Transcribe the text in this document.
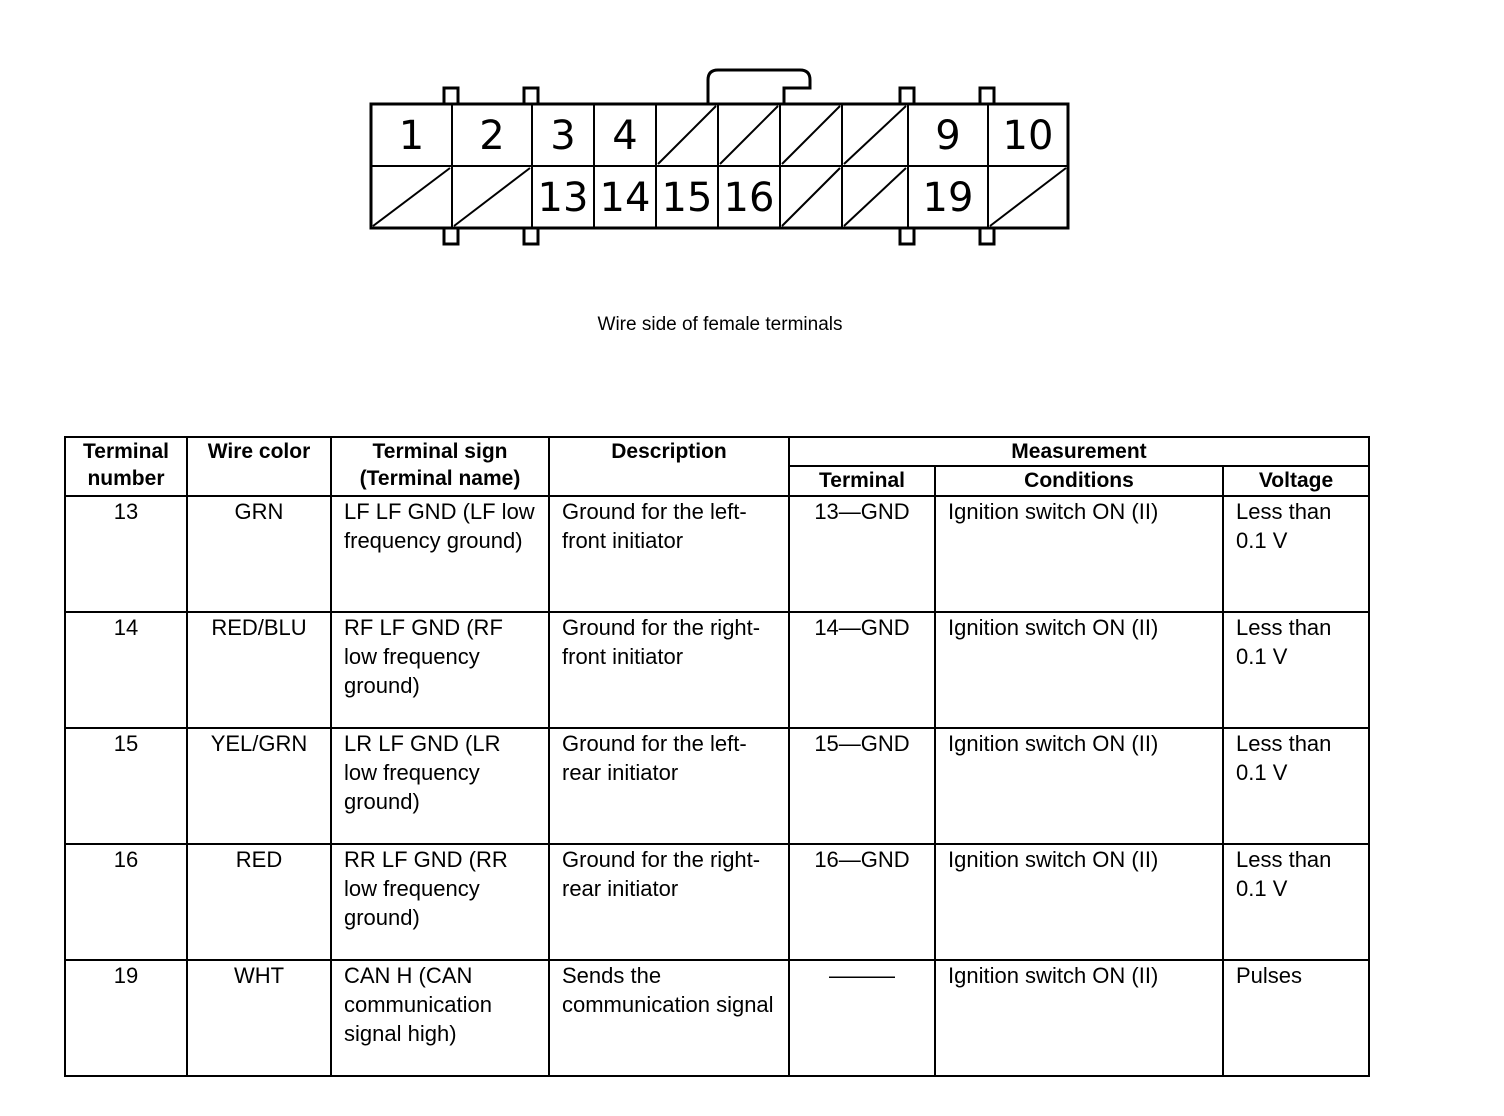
1 2 3 4	9 10
13 14 15 16	19
Wire side of female terminals
Terminal number	Wire color	Terminal sign (Terminal name)	Description	Measurement		
				Terminal	Conditions	Voltage
13	GRN	LF LF GND (LF low frequency ground)	Ground for the left-front initiator	13—GND	Ignition switch ON (II)	Less than 0.1 V
14	RED/BLU	RF LF GND (RF low frequency ground)	Ground for the right-front initiator	14—GND	Ignition switch ON (II)	Less than 0.1 V
15	YEL/GRN	LR LF GND (LR low frequency ground)	Ground for the left-rear initiator	15—GND	Ignition switch ON (II)	Less than 0.1 V
16	RED	RR LF GND (RR low frequency ground)	Ground for the right-rear initiator	16—GND	Ignition switch ON (II)	Less than 0.1 V
19	WHT	CAN H (CAN communication signal high)	Sends the communication signal	———	Ignition switch ON (II)	Pulses
